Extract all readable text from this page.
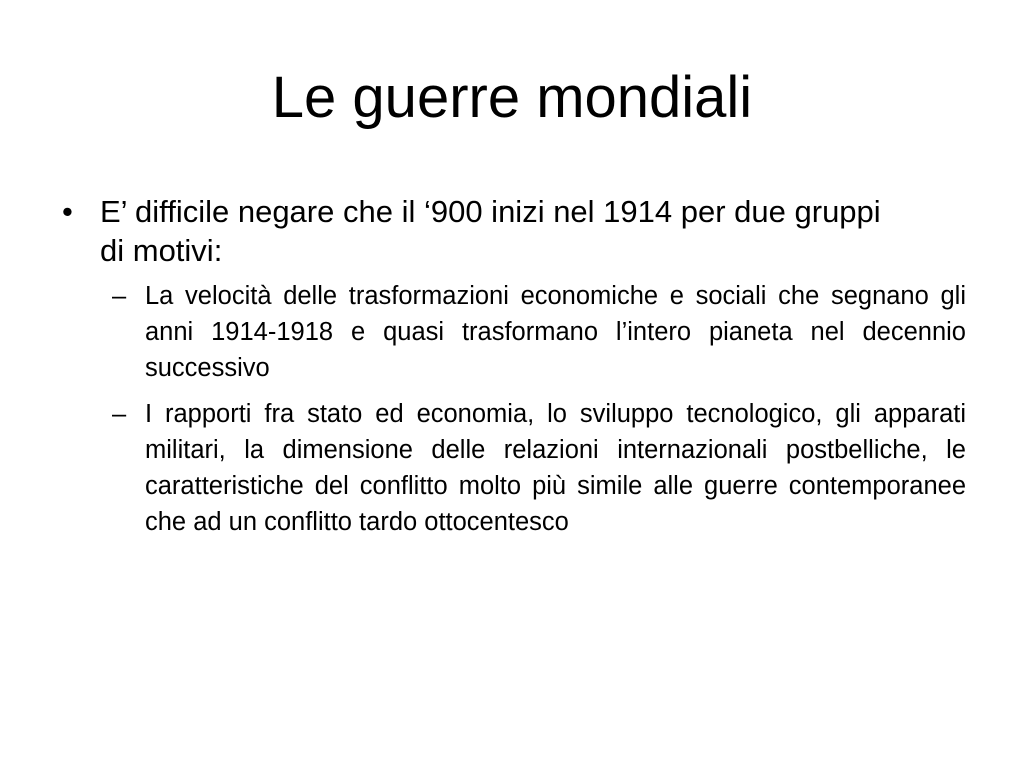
Le guerre mondiali
• E’ difficile negare che il ‘900 inizi nel 1914 per due gruppi di motivi:
– La velocità delle trasformazioni economiche e sociali che segnano gli anni 1914-1918 e quasi trasformano l’intero pianeta nel decennio successivo
– I rapporti fra stato ed economia, lo sviluppo tecnologico, gli apparati militari, la dimensione delle relazioni internazionali postbelliche, le caratteristiche del conflitto molto più simile alle guerre contemporanee che ad un conflitto tardo ottocentesco
